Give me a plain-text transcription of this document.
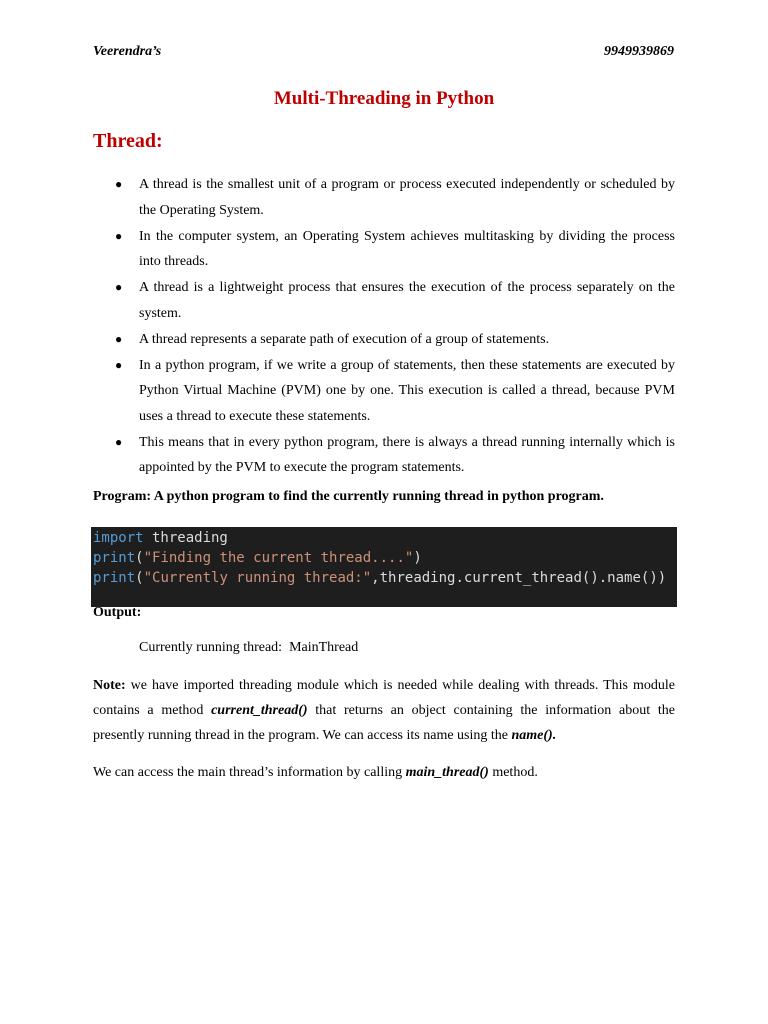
Veerendra’s	9949939869
Multi-Threading in Python
Thread:
● A thread is the smallest unit of a program or process executed independently or scheduled by the Operating System.
● In the computer system, an Operating System achieves multitasking by dividing the process into threads.
● A thread is a lightweight process that ensures the execution of the process separately on the system.
● A thread represents a separate path of execution of a group of statements.
● In a python program, if we write a group of statements, then these statements are executed by Python Virtual Machine (PVM) one by one. This execution is called a thread, because PVM uses a thread to execute these statements.
● This means that in every python program, there is always a thread running internally which is appointed by the PVM to execute the program statements.
Program: A python program to find the currently running thread in python program.
import threading
print("Finding the current thread....")
print("Currently running thread:",threading.current_thread().name())
Output:
Currently running thread:  MainThread
Note: we have imported threading module which is needed while dealing with threads. This module contains a method current_thread() that returns an object containing the information about the presently running thread in the program. We can access its name using the name().
We can access the main thread’s information by calling main_thread() method.
